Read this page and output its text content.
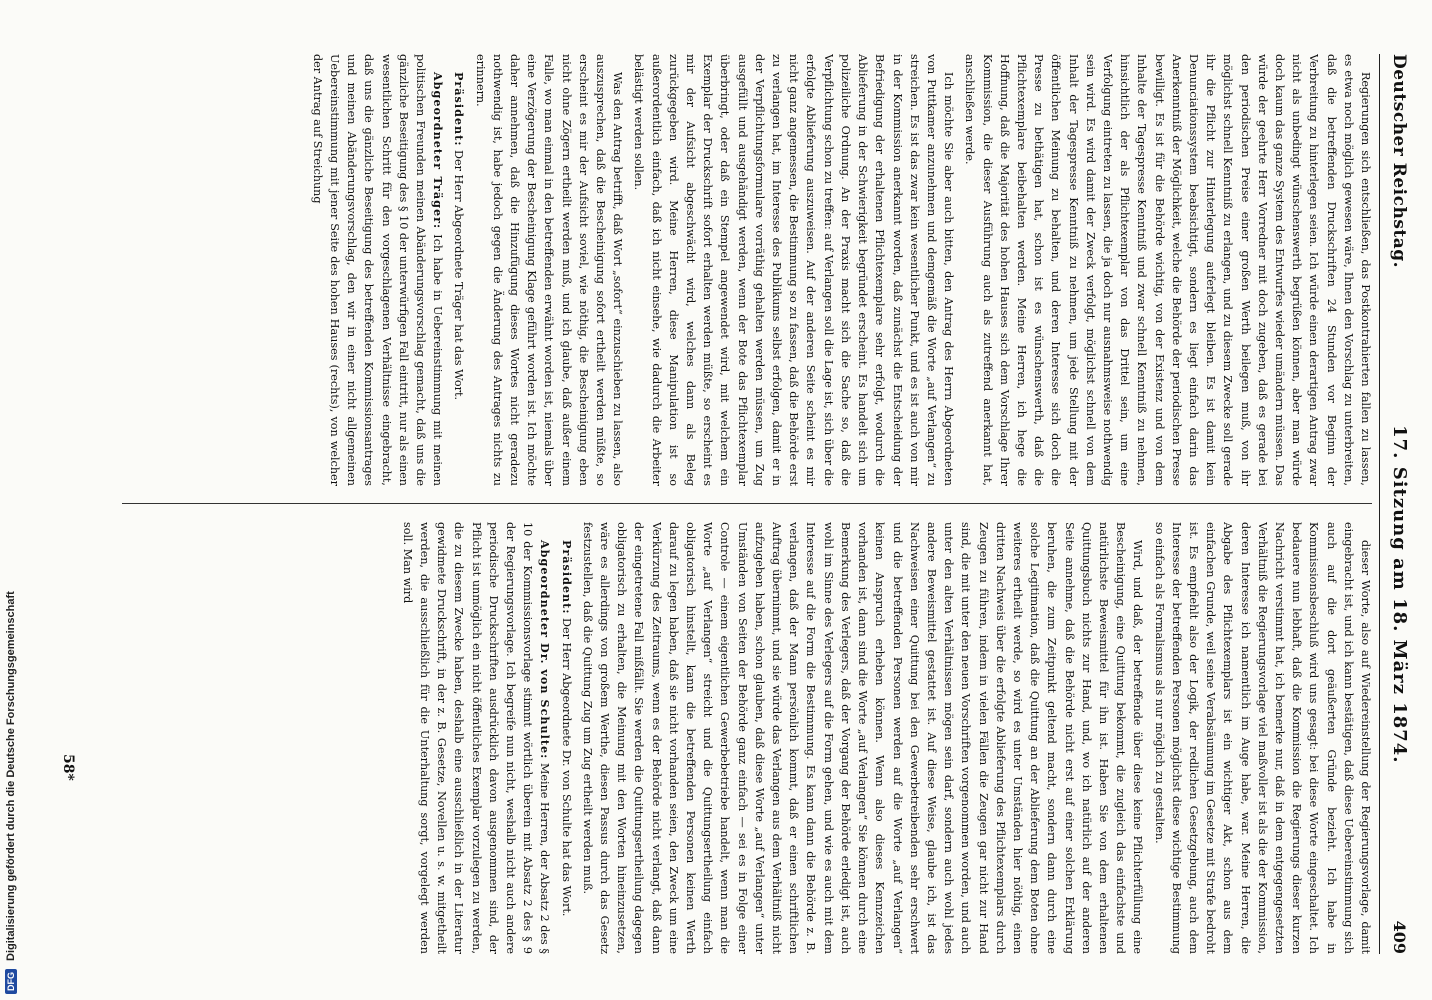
Deutscher Reichstag.
17. Sitzung am 18. März 1874.
409

Regierungen sich entschließen, das Postkontrahierten fallen zu lassen, es etwa noch möglich gewesen wäre, Ihnen den Vorschlag zu unterbreiten, daß die betreffenden Druckschriften 24 Stunden vor Beginn der Verbreitung zu hinterlegen seien. Ich würde einen derartigen Antrag zwar nicht als unbedingt wünschenswerth begrüßen können, aber man würde doch kaum das ganze System des Entwurfes wieder umändern müssen. Das würde der geehrte Herr Vorredner mit doch zugeben, daß es gerade bei den periodischen Preise einer großen Werth beilegen muß, von ihr möglichst schnell Kenntniß zu erlangen, und zu diesem Zwecke soll gerade ihr die Pflicht zur Hinterlegung auferlegt bleiben. Es ist damit kein Denunciationssystem beabsichtigt, sondern es liegt einfach darin das Anerkenntniß der Möglichkeit, welche die Behörde der periodischen Presse bewilligt. Es ist für die Behörde wichtig, von der Existenz und von dem Inhalte der Tagespresse Kenntniß und zwar schnell Kenntniß zu nehmen, hinsichtlich der als Pflichtexemplar von das Drittel sein, um eine Verfolgung eintreten zu lassen, die ja doch nur ausnahmsweise nothwendig sein wird. Es wird damit der Zweck verfolgt, möglichst schnell von dem Inhalt der Tagespresse Kenntniß zu nehmen, um jede Stellung mit der öffentlichen Meinung zu behalten, und deren Interesse sich doch die Presse zu bethätigen hat, schon ist es wünschenswerth, daß die Pflichtexemplare beibehalten werden. Meine Herren, ich hege die Hoffnung, daß die Majorität des hohen Hauses sich dem Vorschlage Ihrer Kommission, die dieser Ausführung auch als zutreffend anerkannt hat, anschließen werde.

Ich möchte Sie aber auch bitten, den Antrag des Herrn Abgeordneten von Puttkamer anzunehmen und demgemäß die Worte „auf Verlangen“ zu streichen. Es ist das zwar kein wesentlicher Punkt, und es ist auch von mir in der Kommission anerkannt worden, daß zunächst die Entscheidung der Befriedigung der erhaltenen Pflichtexemplare sehr erfolgt, wodurch die Ablieferung in der Schwierigkeit begründet erscheint. Es handelt sich um polizeiliche Ordnung. An der Praxis macht sich die Sache so, daß die Verpflichtung schon zu treffen: auf Verlangen soll die Lage ist, sich über die erfolgte Ablieferung auszuweisen. Auf der anderen Seite scheint es mir nicht ganz angemessen, die Bestimmung so zu fassen, daß die Behörde erst zu verlangen hat, im Interesse des Publikums selbst erfolgen, damit er in der Verpflichtungsformulare vorräthig gehalten werden müssen, um Zug ausgefüllt und ausgehändigt werden, wenn der Bote das Pflichtexemplar überbringt, oder daß ein Stempel angewendet wird, mit welchem ein Exemplar der Druckschrift sofort erhalten werden müßte, so erscheint es mir der Aufsicht abgeschwächt wird, welches dann als Beleg zurückgegeben wird. Meine Herren, diese Manipulation ist so außerordentlich einfach, daß ich nicht einsehe, wie dadurch die Arbeiter belästigt werden sollen.

Was den Antrag betrifft, daß Wort „sofort“ einzuschieben zu lassen, also auszusprechen, daß die Bescheinigung sofort ertheilt werden müßte, so erscheint es mir der Aufsicht soviel, wie nöthig, die Bescheinigung eben nicht ohne Zögern ertheilt werden muß, und ich glaube, daß außer einem Falle, wo man einmal in den betreffenden erwähnt worden ist, niemals über eine Verzögerung der Bescheinigung Klage geführt worden ist. Ich möchte daher annehmen, daß die Hinzufügung dieses Wortes nicht geradezu nothwendig ist, habe jedoch gegen die Änderung des Antrages nichts zu erinnern.

Präsident: Der Herr Abgeordnete Träger hat das Wort.

Abgeordneter Träger: Ich habe in Uebereinstimmung mit meinen politischen Freunden meinen Abänderungsvorschlag gemacht, daß uns die gänzliche Beseitigung des § 10 der unterwürfigen Fall eintritt, nur als einen wesentlichen Schritt für den vorgeschlagenen Verhältnisse eingebracht, daß uns die gänzliche Beseitigung des betreffenden Kommissionsantrages und meinen Abänderungsvorschlag, den wir in einer nicht allgemeinen Uebereinstimmung mit jener Seite des hohen Hauses (rechts), von welcher der Antrag auf Streichung

dieser Worte, also auf Wiedereinstellung der Regierungsvorlage, damit eingebracht ist, und ich kann bestätigen, daß diese Uebereinstimmung sich auch auf die dort geäußerten Gründe bezieht. Ich habe in Kommissionsbeschluß wird uns gesagt: bei diese Worte eingeschaltet. Ich bedauere nun lebhaft, daß die Kommission die Regierungs dieser kurzen Nachricht verstimmt hat, ich bemerke nur, daß in dem entgegengesetzten Verhältniß die Regierungsvorlage viel maßvoller ist als die der Kommission, deren Interesse ich namentlich im Auge habe, war. Meine Herren, die Abgabe des Pflichtexemplars ist ein wichtiger Akt, schon aus dem einfachen Grunde, weil seine Verabsäumung im Gesetze mit Strafe bedroht ist. Es empfiehlt also der Logik, der redlichen Gesetzgebung, auch dem Interesse der betreffenden Personen möglichst diese wichtige Bestimmung so einfach als Formalismus als nur möglich zu gestalten.

Wird, und daß, der betreffende über diese keine Pflichterfüllung eine Bescheinigung, eine Quittung bekommt, die zugleich das einfachste und natürlichste Beweismittel für ihn ist. Haben Sie von dem erhaltenen Quittungsbuch nichts zur Hand, und, wo ich natürlich auf der anderen Seite annehme, daß die Behörde nicht erst auf einer solchen Erklärung beruhen, die zum Zeitpunkt geltend macht, sondern dann durch eine solche Legitimation, daß die Quittung an der Ablieferung dem Boten ohne weiteres ertheilt werde, so wird es unter Umständen hier nöthig, einen dritten Nachweis über die erfolgte Ablieferung des Pflichtexemplars durch Zeugen zu führen, indem in vielen Fällen die Zeugen gar nicht zur Hand sind, die mit unter den neuen Vorschriften vorgenommen worden, und auch unter den alten Verhältnissen mögen sein darf, sondern auch wohl jedes andere Beweismittel gestattet ist. Auf diese Weise, glaube ich, ist das Nachweisen einer Quittung bei den Gewerbetreibenden sehr erschwert und die betreffenden Personen werden auf die Worte „auf Verlangen“ keinen Anspruch erheben können. Wenn also dieses Kennzeichen vorhanden ist, dann sind die Worte „auf Verlangen“ Sie können durch eine Bemerkung des Verlegers, daß der Vorgang der Behörde erledigt ist, auch wohl im Sinne des Verlegers auf die Form gehen, und wie es auch mit dem Interesse auf die Form die Bestimmung. Es kann dann die Behörde z. B. verlangen, daß der Mann persönlich kommt, daß er einen schriftlichen Auftrag übernimmt, und sie würde das Verlangen aus dem Verhältniß nicht aufzugeben haben, schon glauben, daß diese Worte „auf Verlangen“ unter Umständen von Seiten der Behörde ganz einfach — sei es in Folge einer Controle — einem eigentlichen Gewerbebetriebe handelt, wenn man die Worte „auf Verlangen“ streicht und die Quittungsertheilung einfach obligatorisch hinstellt, kann die betreffenden Personen keinen Werth darauf zu legen haben, daß sie nicht vorhanden seien, den Zweck um eine Verkürzung des Zeitraums, wenn es der Behörde nicht verlangt, daß dann der eingetretene Fall mißfällt. Sie werden die Quittungsertheilung dagegen obligatorisch zu erhalten, die Meinung mit den Worten hineinzusetzen, wäre es allerdings von großem Werthe, diesen Passus durch das Gesetz festzustellen, daß die Quittung Zug um Zug ertheilt werden muß.

Präsident: Der Herr Abgeordnete Dr. von Schulte hat das Wort.

Abgeordneter Dr. von Schulte: Meine Herren, der Absatz 2 des § 10 der Kommissionsvorlage stimmt wörtlich überein mit Absatz 2 des § 9 der Regierungsvorlage. Ich begreife nun nicht, weshalb nicht auch andere periodische Druckschriften ausdrücklich davon ausgenommen sind, der Pflicht ist unmöglich ein nicht öffentliches Exemplar vorzulegen zu werden, die zu diesem Zwecke haben, deshalb eine ausschließlich in der Literatur gewidmete Druckschrift, in der z. B. Gesetze, Novellen u. s. w. mitgetheilt werden, die ausschließlich für die Unterhaltung sorgt, vorgelegt werden soll. Man wird

58*
DFG
Digitalisierung gefördert durch die Deutsche Forschungsgemeinschaft
